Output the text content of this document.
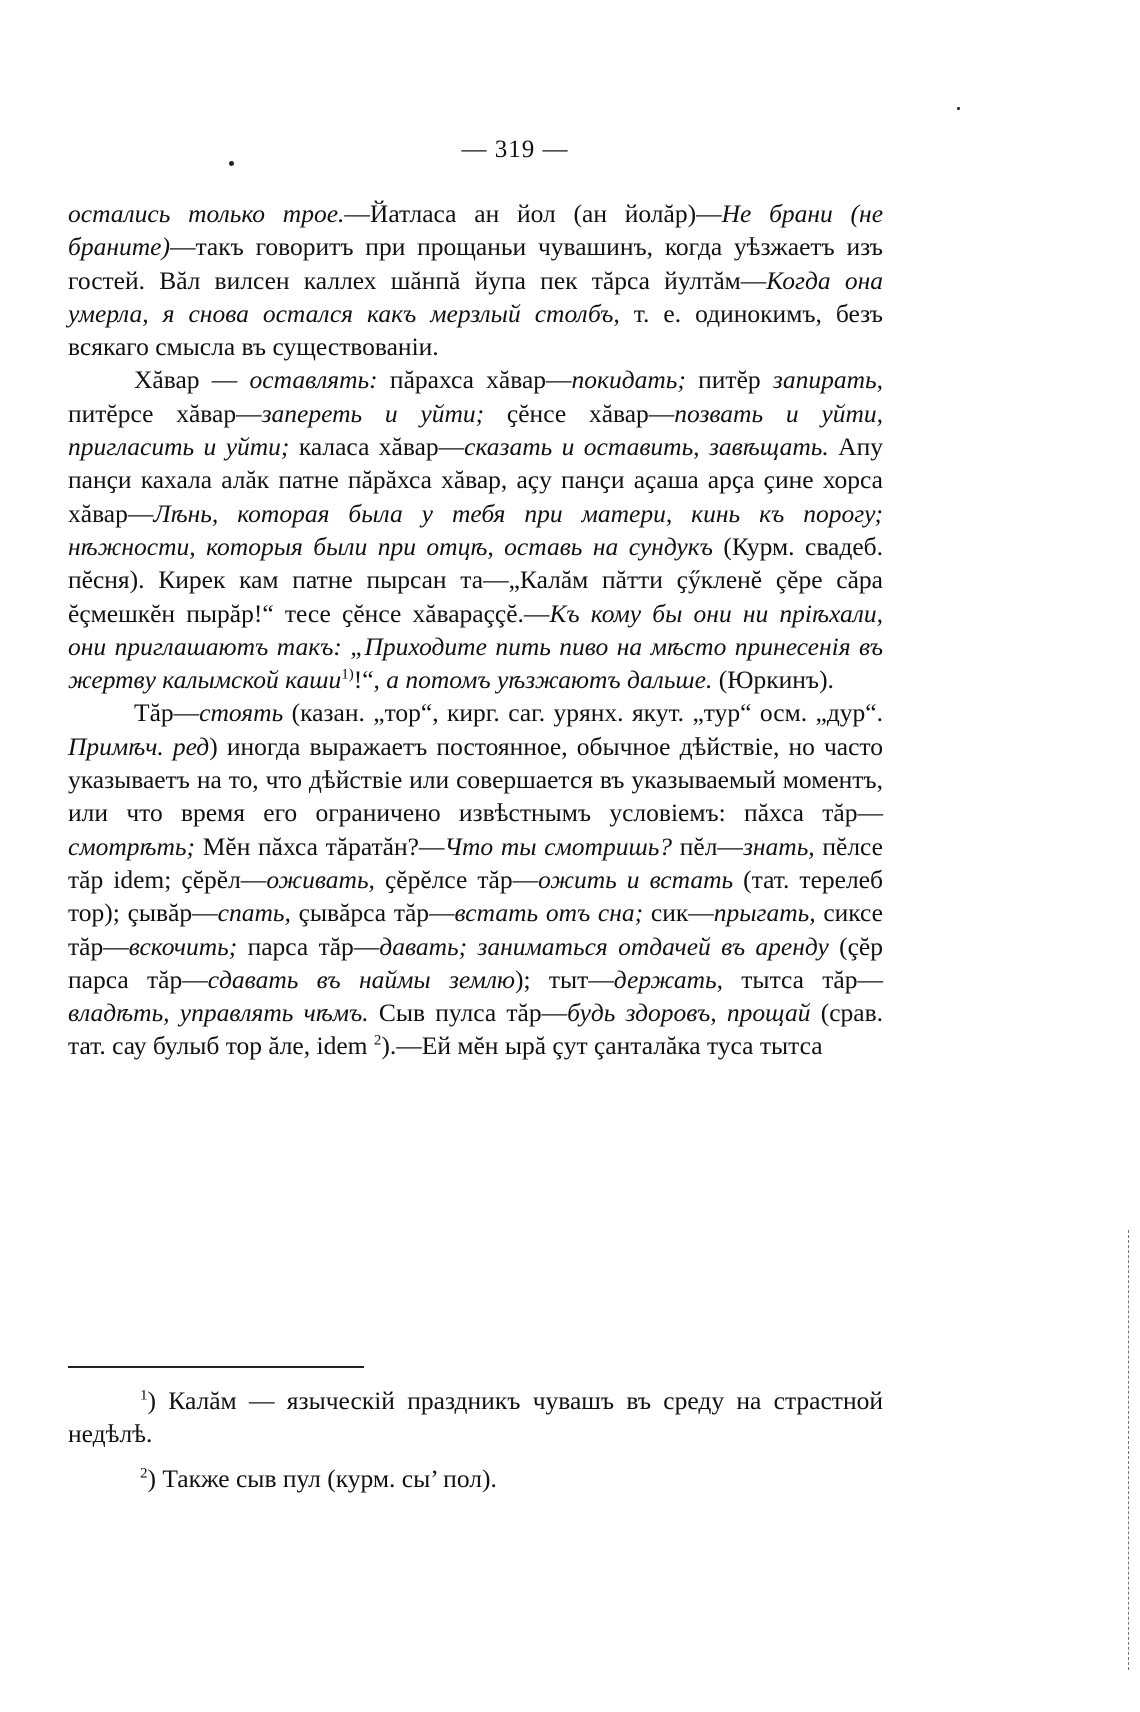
— 319 —

остались только трое.—Йатласа ан йол (ан йолăр)—Не брани (не браните)—такъ говоритъ при прощаньи чувашинъ, когда уѣзжаетъ изъ гостей. Вăл вилсен каллех шăнпă йупа пек тăрса йултăм—Когда она умерла, я снова остался какъ мерзлый столбъ, т. е. одинокимъ, безъ всякаго смысла въ существованіи.

Хăвар — оставлять: пăрахса хăвар—покидать; питĕр запирать, питĕрсе хăвар—запереть и уйти; ҫĕнсе хăвар—позвать и уйти, пригласить и уйти; каласа хăвар—сказать и оставить, завѣщать. Апу панҫи кахала алăк патне пăрăхса хăвар, аçу панҫи аҫаша арҫа çине хорса хăвар—Лѣнь, которая была у тебя при матери, кинь къ порогу; нѣжности, которыя были при отцѣ, оставь на сундукъ (Курм. свадеб. пĕсня). Кирек кам патне пырсан та—„Калăм пăтти ҫӳкленĕ çĕре сăра ĕçмешкĕн пырăр!“ тесе ҫĕнсе хăвараççĕ.—Къ кому бы они ни пріѣхали, они приглашаютъ такъ: „Приходите пить пиво на мѣсто принесенія въ жертву калымской каши$^{1)}$!“, а потомъ уѣзжаютъ дальше. (Юркинъ).

Тăр—стоять (казан. „тор“, кирг. саг. урянх. якут. „тур“ осм. „дур“. Примѣч. ред) иногда выражаетъ постоянное, обычное дѣйствіе, но часто указываетъ на то, что дѣйствіе или совершается въ указываемый моментъ, или что время его ограничено извѣстнымъ условіемъ: пăхса тăр—смотрѣть; Мĕн пăхса тăратăн?—Что ты смотришь? пĕл—знать, пĕлсе тăр idem; ҫĕрĕл—оживать, ҫĕрĕлсе тăр—ожить и встать (тат. терелеб тор); çывăр—спать, çывăрса тăр—встать отъ сна; сик—прыгать, сиксе тăр—вскочить; парса тăр—давать; заниматься отдачей въ аренду (çĕр парса тăр—сдавать въ наймы землю); тыт—держать, тытса тăр—владѣть, управлять чѣмъ. Сыв пулса тăр—будь здоровъ, прощай (срав. тат. сау булыб тор ăле, idem $^2$).—Ей мĕн ырă çут çанталăка туса тытса

$^1$) Калăм — языческій праздникъ чувашъ въ среду на страстной недѣлѣ.

$^2$) Также сыв пул (курм. сы’ пол).
